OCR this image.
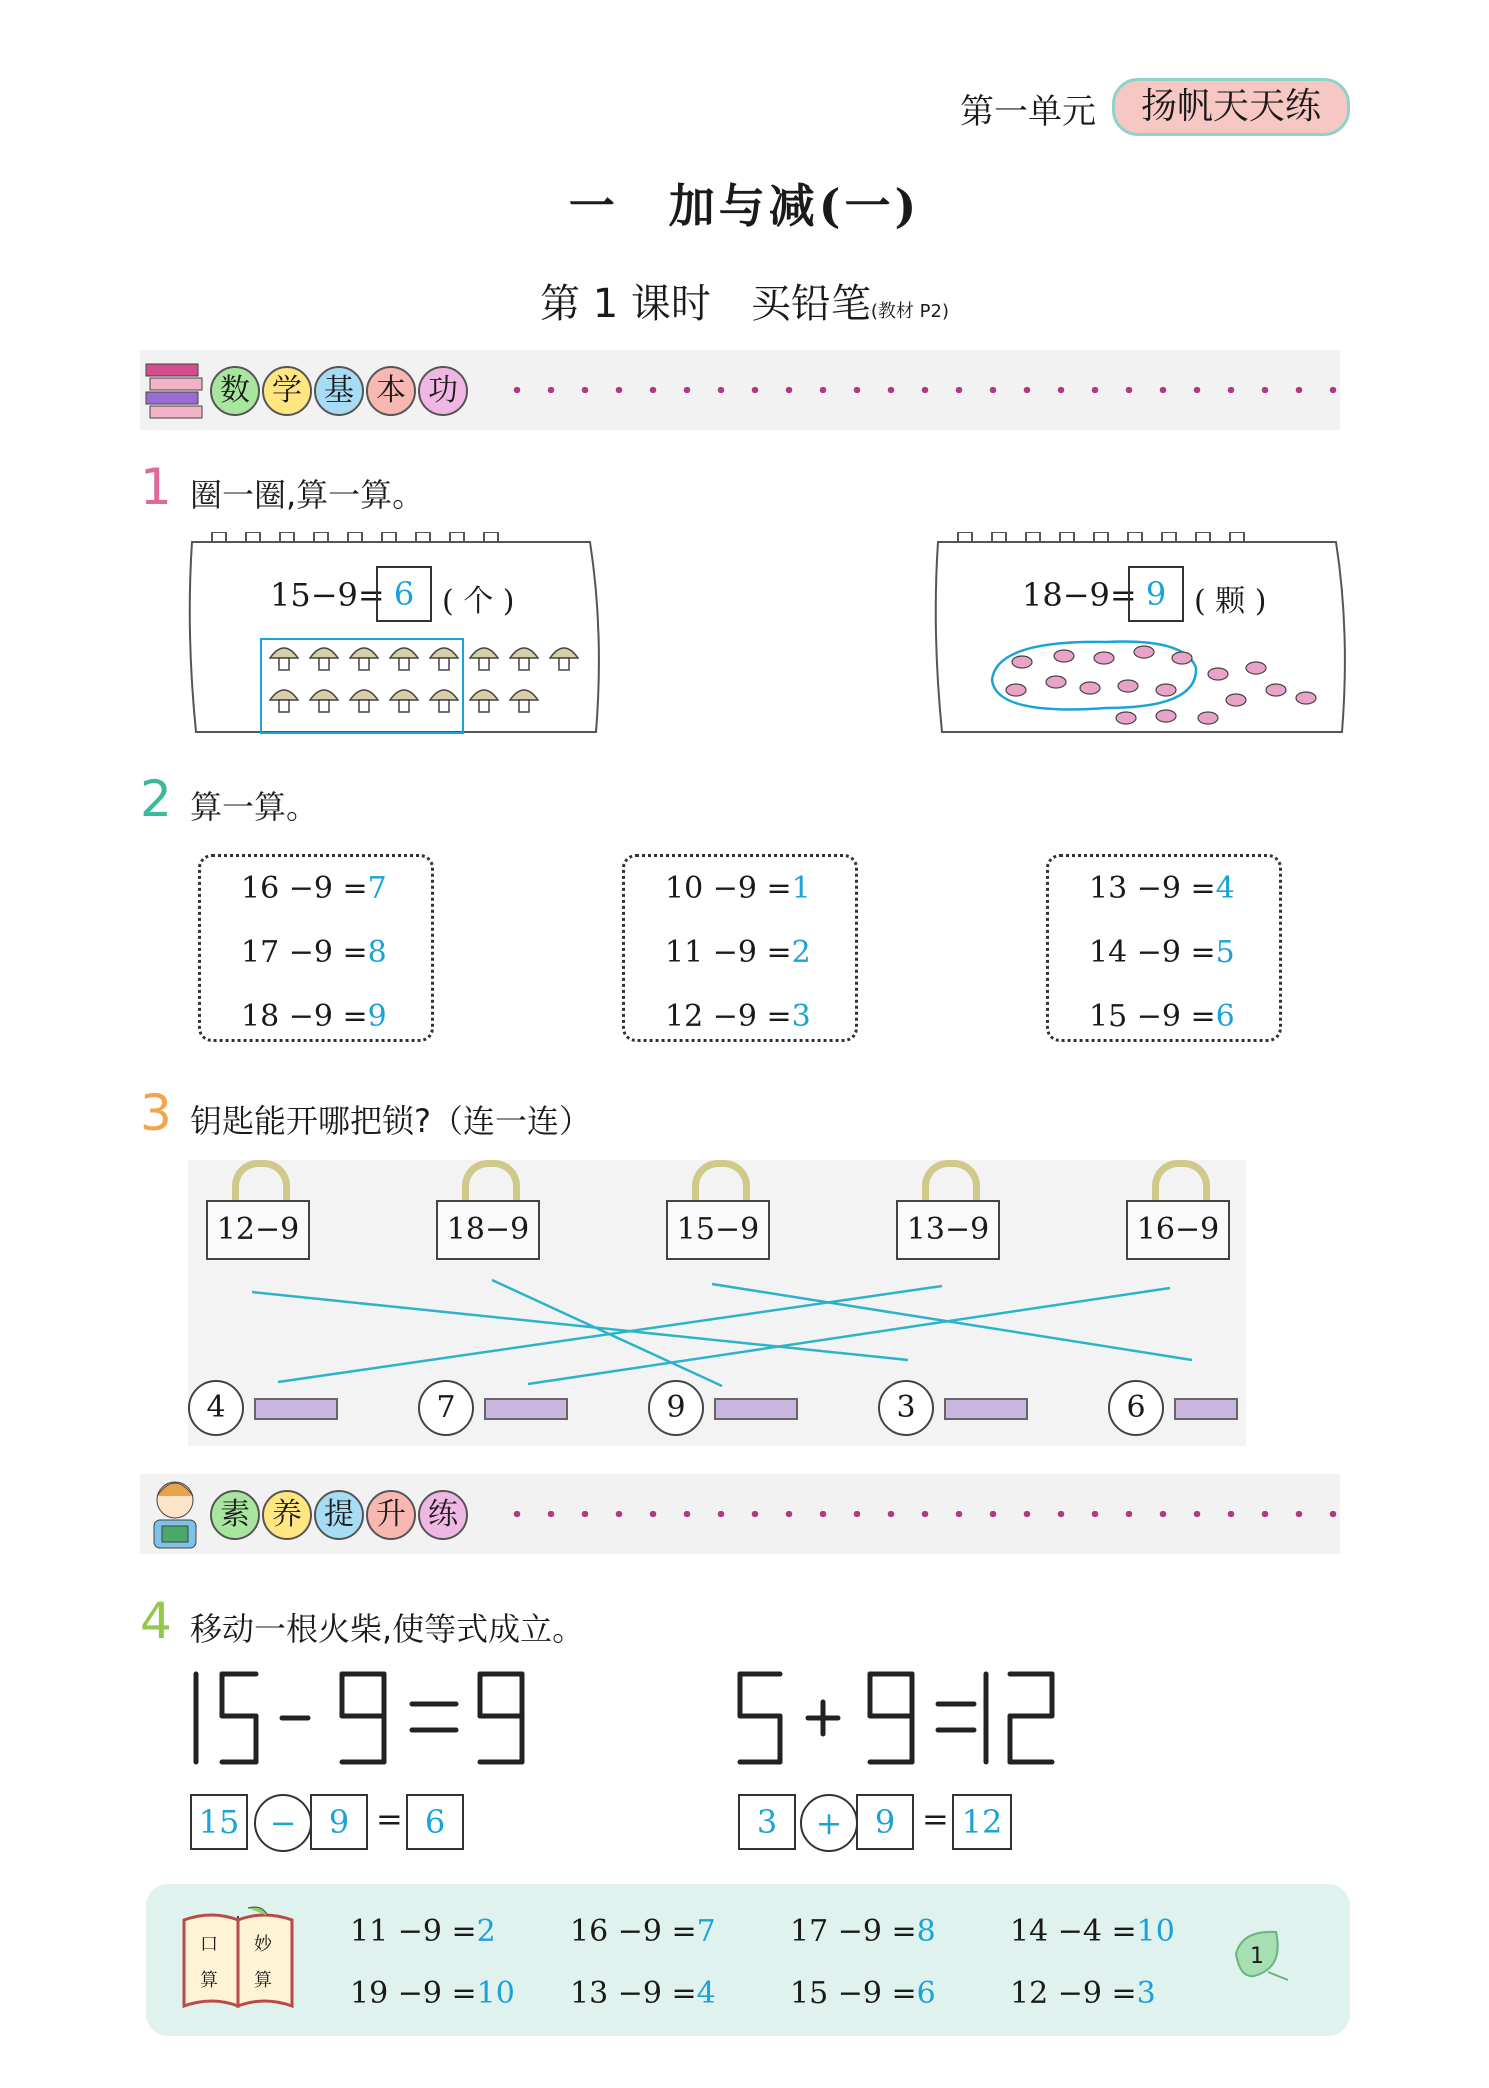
第一单元	扬帆天天练
一　加与减(一)
第 1 课时　买铅笔(教材 P2)
数 学 基 本 功
1 圈一圈,算一算。
15−9= 6 ( 个 )	18−9= 9 ( 颗 )
2 算一算。
16 −9 =7
17 −9 =8
18 −9 =9
10 −9 =1
11 −9 =2
12 −9 =3
13 −9 =4
14 −9 =5
15 −9 =6
3 钥匙能开哪把锁?（连一连）
12−9	18−9	15−9	13−9	16−9
4	7	9	3	6
素 养 提 升 练
4 移动一根火柴,使等式成立。
15 −	9 = 6	3	+	9 = 12
口 妙
算 算
11 −9 =2 16 −9 =7 17 −9 =8 14 −4 =10
19 −9 =10 13 −9 =4 15 −9 =6 12 −9 =3
1
